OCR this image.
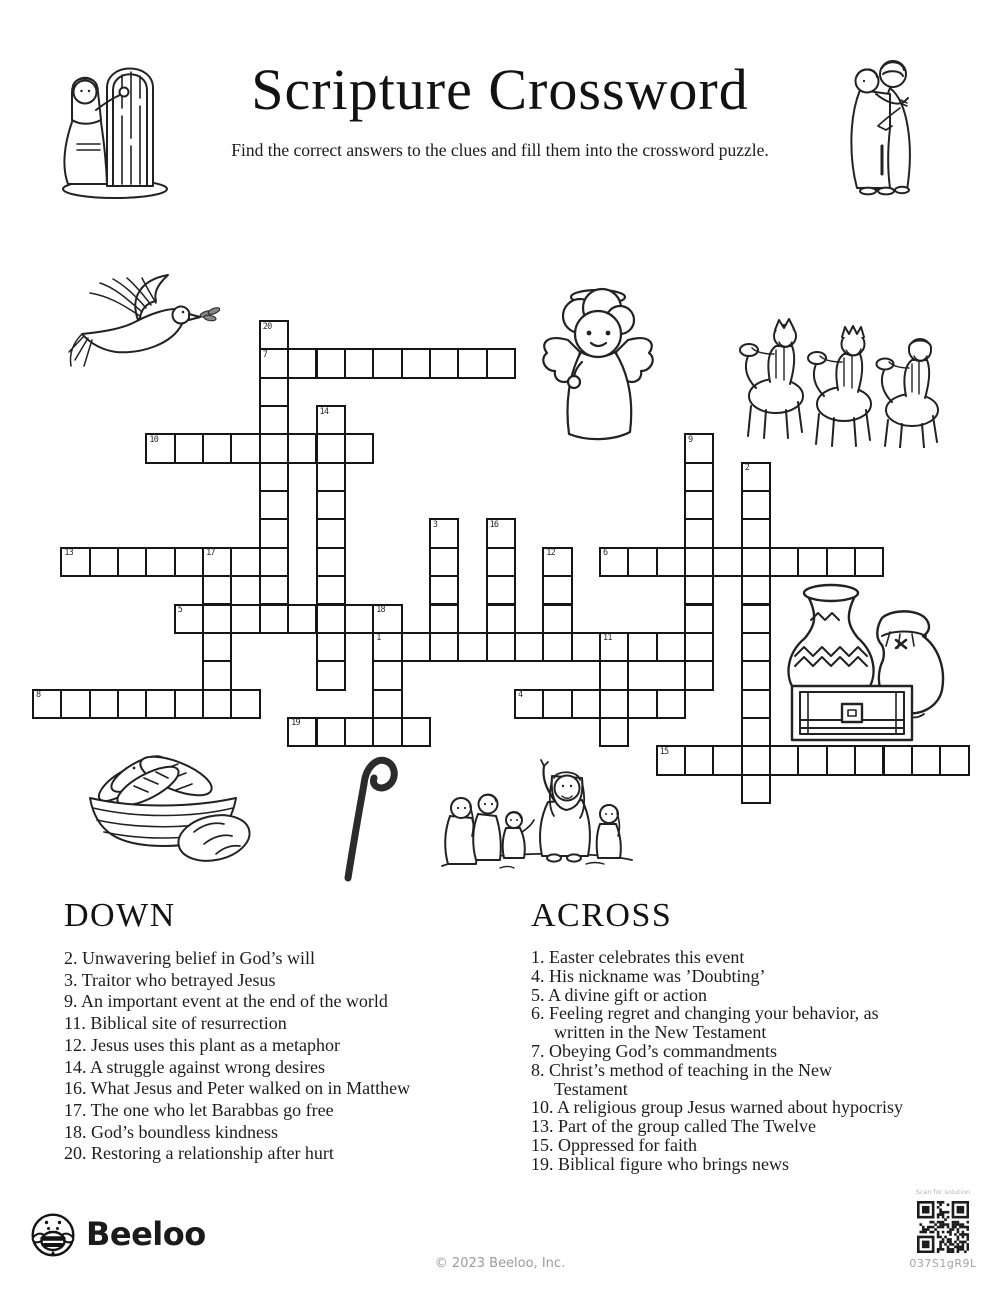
Scripture Crossword
Find the correct answers to the clues and fill them into the crossword puzzle.
1	11
4
5	18
6
7
8
10
13	17
15
19
2
3
9
12
14
16
20
DOWN
2. Unwavering belief in God’s will
3. Traitor who betrayed Jesus
9. An important event at the end of the world
11. Biblical site of resurrection
12. Jesus uses this plant as a metaphor
14. A struggle against wrong desires
16. What Jesus and Peter walked on in Matthew
17. The one who let Barabbas go free
18. God’s boundless kindness
20. Restoring a relationship after hurt
ACROSS
1. Easter celebrates this event
4. His nickname was ’Doubting’
5. A divine gift or action
6. Feeling regret and changing your behavior, as
written in the New Testament
7. Obeying God’s commandments
8. Christ’s method of teaching in the New
Testament
10. A religious group Jesus warned about hypocrisy
13. Part of the group called The Twelve
15. Oppressed for faith
19. Biblical figure who brings news
Beeloo
© 2023 Beeloo, Inc.
Scan for solution
037S1gR9L
